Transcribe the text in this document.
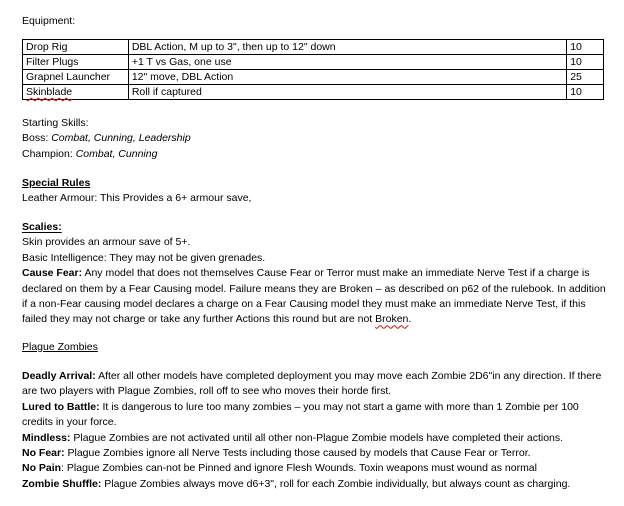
Equipment:
Drop Rig	DBL Action, M up to 3", then up to 12" down	10
Filter Plugs	+1 T vs Gas, one use	10
Grapnel Launcher	12" move, DBL Action	25
Skinblade	Roll if captured	10
Starting Skills:
Boss: Combat, Cunning, Leadership
Champion: Combat, Cunning
Special Rules
Leather Armour: This Provides a 6+ armour save,
Scalies:
Skin provides an armour save of 5+.
Basic Intelligence: They may not be given grenades.
Cause Fear: Any model that does not themselves Cause Fear or Terror must make an immediate Nerve Test if a charge is declared on them by a Fear Causing model. Failure means they are Broken – as described on p62 of the rulebook. In addition if a non-Fear causing model declares a charge on a Fear Causing model they must make an immediate Nerve Test, if this failed they may not charge or take any further Actions this round but are not Broken.
Plague Zombies
Deadly Arrival: After all other models have completed deployment you may move each Zombie 2D6"in any direction. If there are two players with Plague Zombies, roll off to see who moves their horde first.
Lured to Battle: It is dangerous to lure too many zombies – you may not start a game with more than 1 Zombie per 100 credits in your force.
Mindless: Plague Zombies are not activated until all other non-Plague Zombie models have completed their actions.
No Fear: Plague Zombies ignore all Nerve Tests including those caused by models that Cause Fear or Terror.
No Pain: Plague Zombies can-not be Pinned and ignore Flesh Wounds. Toxin weapons must wound as normal
Zombie Shuffle: Plague Zombies always move d6+3", roll for each Zombie individually, but always count as charging.
